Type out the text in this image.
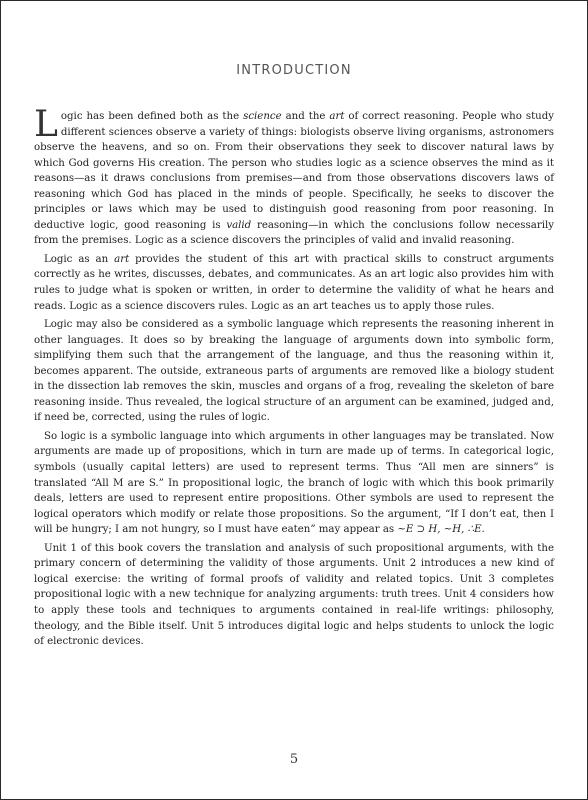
INTRODUCTION

Logic has been defined both as the science and the art of correct reasoning. People who study different sciences observe a variety of things: biologists observe living organisms, astronomers observe the heavens, and so on. From their observations they seek to discover natural laws by which God governs His creation. The person who studies logic as a science observes the mind as it reasons—as it draws conclusions from premises—and from those observations discovers laws of reasoning which God has placed in the minds of people. Specifically, he seeks to discover the principles or laws which may be used to distinguish good reasoning from poor reasoning. In deductive logic, good reasoning is valid reasoning—in which the conclusions follow necessarily from the premises. Logic as a science discovers the principles of valid and invalid reasoning.

Logic as an art provides the student of this art with practical skills to construct arguments correctly as he writes, discusses, debates, and communicates. As an art logic also provides him with rules to judge what is spoken or written, in order to determine the validity of what he hears and reads. Logic as a science discovers rules. Logic as an art teaches us to apply those rules.

Logic may also be considered as a symbolic language which represents the reasoning inherent in other languages. It does so by breaking the language of arguments down into symbolic form, simplifying them such that the arrangement of the language, and thus the reasoning within it, becomes apparent. The outside, extraneous parts of arguments are removed like a biology student in the dissection lab removes the skin, muscles and organs of a frog, revealing the skeleton of bare reasoning inside. Thus revealed, the logical structure of an argument can be examined, judged and, if need be, corrected, using the rules of logic.

So logic is a symbolic language into which arguments in other languages may be translated. Now arguments are made up of propositions, which in turn are made up of terms. In categorical logic, symbols (usually capital letters) are used to represent terms. Thus “All men are sinners” is translated “All M are S.” In propositional logic, the branch of logic with which this book primarily deals, letters are used to represent entire propositions. Other symbols are used to represent the logical operators which modify or relate those propositions. So the argument, “If I don’t eat, then I will be hungry; I am not hungry, so I must have eaten” may appear as ~E ⊃ H, ~H, ∴E.

Unit 1 of this book covers the translation and analysis of such propositional arguments, with the primary concern of determining the validity of those arguments. Unit 2 introduces a new kind of logical exercise: the writing of formal proofs of validity and related topics. Unit 3 completes propositional logic with a new technique for analyzing arguments: truth trees. Unit 4 considers how to apply these tools and techniques to arguments contained in real-life writings: philosophy, theology, and the Bible itself. Unit 5 introduces digital logic and helps students to unlock the logic of electronic devices.

5
